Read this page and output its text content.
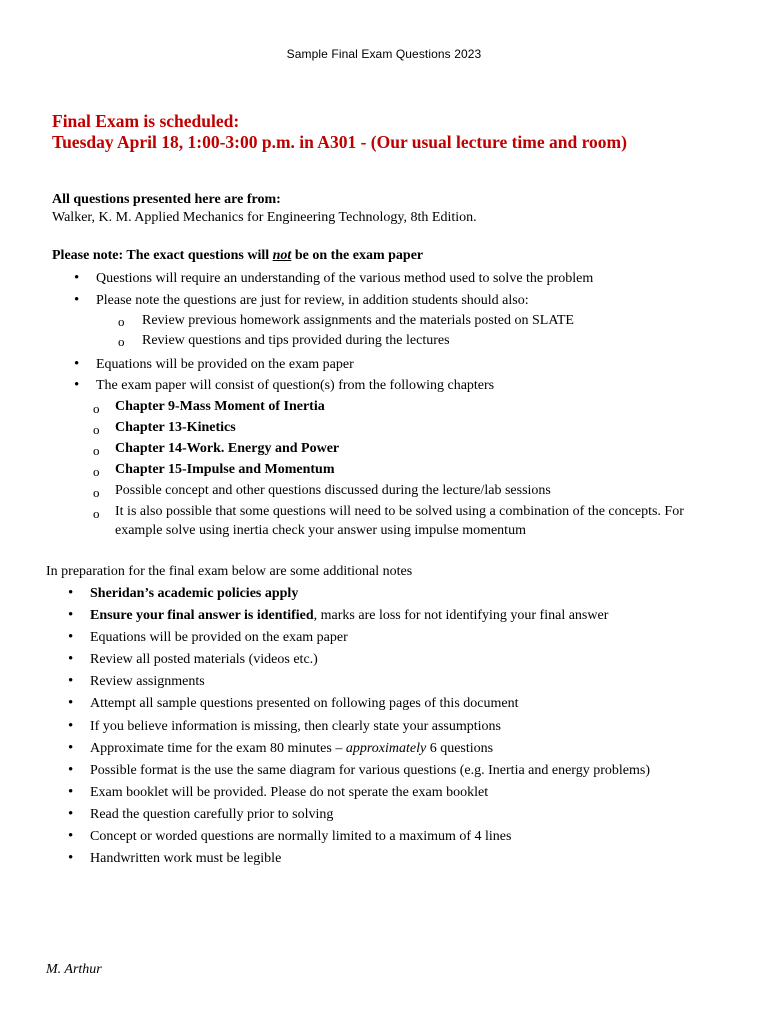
Sample Final Exam Questions 2023
Final Exam is scheduled:
Tuesday April 18, 1:00-3:00 p.m. in A301 - (Our usual lecture time and room)
All questions presented here are from:
Walker, K. M. Applied Mechanics for Engineering Technology, 8th Edition.
Please note: The exact questions will not be on the exam paper
• Questions will require an understanding of the various method used to solve the problem
• Please note the questions are just for review, in addition students should also:
o Review previous homework assignments and the materials posted on SLATE
o Review questions and tips provided during the lectures
• Equations will be provided on the exam paper
• The exam paper will consist of question(s) from the following chapters
o Chapter 9-Mass Moment of Inertia
o Chapter 13-Kinetics
o Chapter 14-Work. Energy and Power
o Chapter 15-Impulse and Momentum
o Possible concept and other questions discussed during the lecture/lab sessions
o It is also possible that some questions will need to be solved using a combination of the concepts. For
example solve using inertia check your answer using impulse momentum
In preparation for the final exam below are some additional notes
• Sheridan’s academic policies apply
• Ensure your final answer is identified, marks are loss for not identifying your final answer
• Equations will be provided on the exam paper
• Review all posted materials (videos etc.)
• Review assignments
• Attempt all sample questions presented on following pages of this document
• If you believe information is missing, then clearly state your assumptions
• Approximate time for the exam 80 minutes – approximately 6 questions
• Possible format is the use the same diagram for various questions (e.g. Inertia and energy problems)
• Exam booklet will be provided. Please do not sperate the exam booklet
• Read the question carefully prior to solving
• Concept or worded questions are normally limited to a maximum of 4 lines
• Handwritten work must be legible
M. Arthur
